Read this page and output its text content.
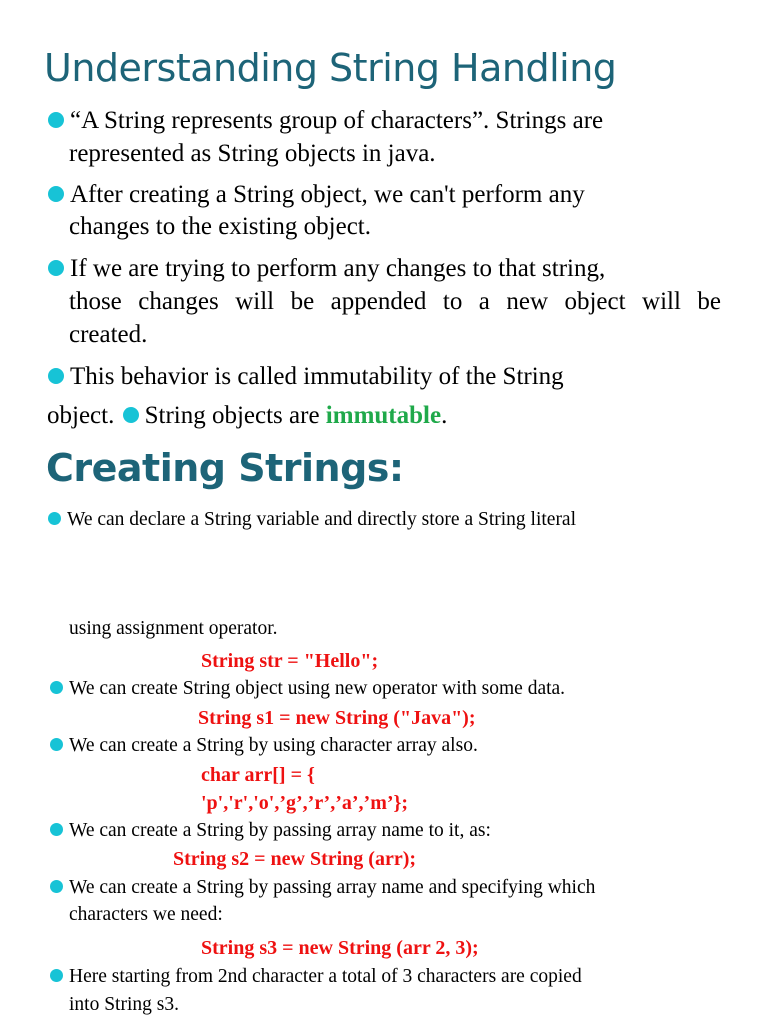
Understanding String Handling
“A String represents group of characters”. Strings are
represented as String objects in java.
After creating a String object, we can't perform any
changes to the existing object.
If we are trying to perform any changes to that string,
those changes will be appended to a new object will be
created.
This behavior is called immutability of the String
object. String objects are immutable.
Creating Strings:
We can declare a String variable and directly store a String literal
using assignment operator.
String str = "Hello";
We can create String object using new operator with some data.
String s1 = new String ("Java");
We can create a String by using character array also.
char arr[] = {
'p','r','o',’g’,’r’,’a’,’m’};
We can create a String by passing array name to it, as:
String s2 = new String (arr);
We can create a String by passing array name and specifying which
characters we need:
String s3 = new String (arr 2, 3);
Here starting from 2nd character a total of 3 characters are copied
into String s3.
